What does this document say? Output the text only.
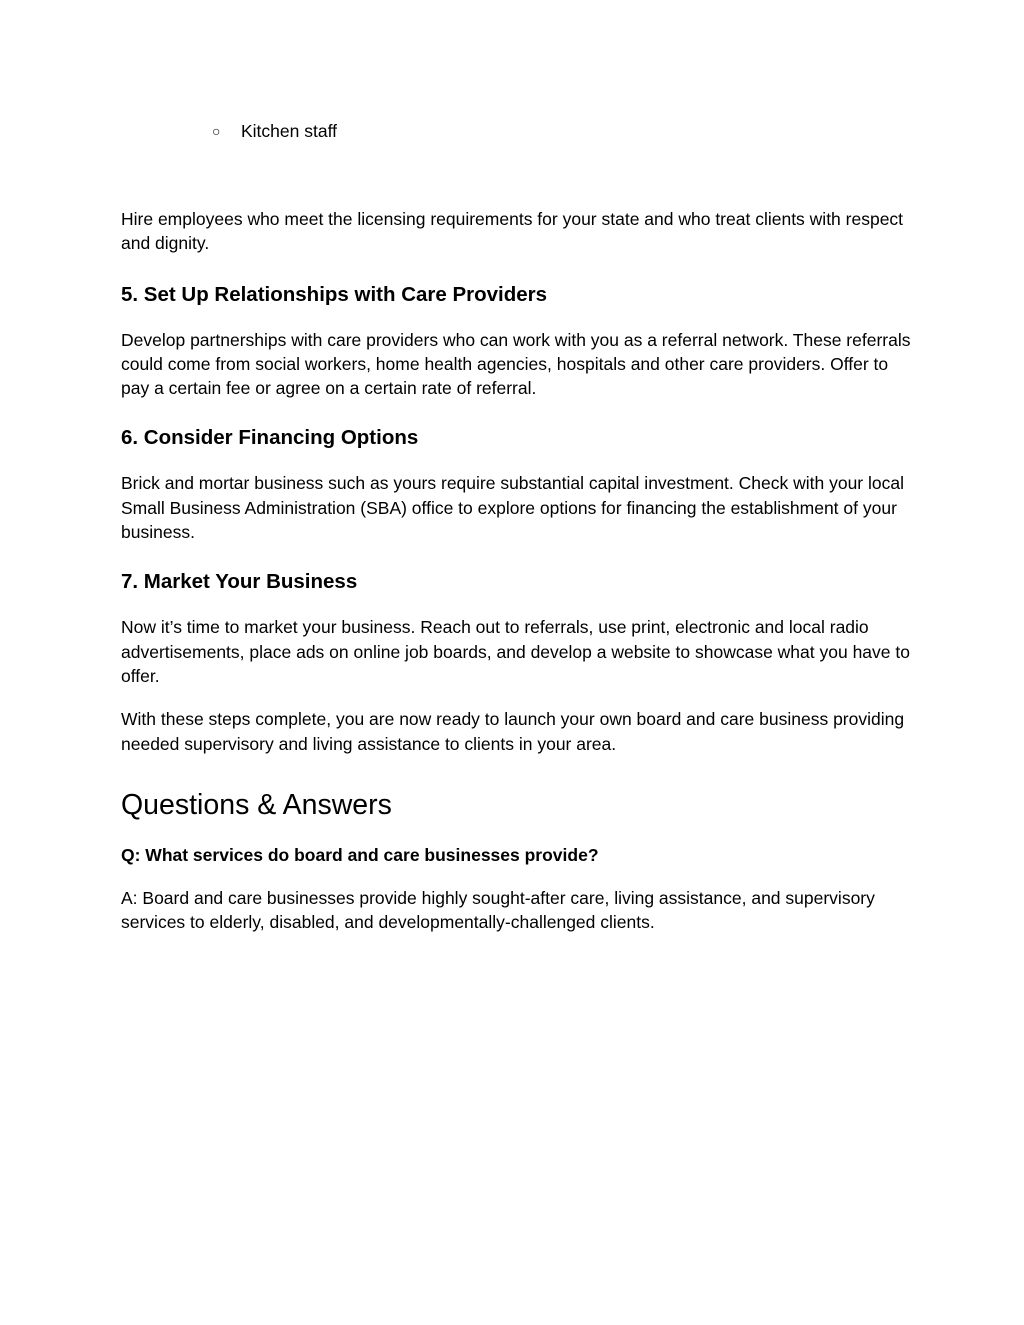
○	Kitchen staff

Hire employees who meet the licensing requirements for your state and who treat clients with respect and dignity.

5. Set Up Relationships with Care Providers

Develop partnerships with care providers who can work with you as a referral network. These referrals could come from social workers, home health agencies, hospitals and other care providers. Offer to pay a certain fee or agree on a certain rate of referral.

6. Consider Financing Options

Brick and mortar business such as yours require substantial capital investment. Check with your local Small Business Administration (SBA) office to explore options for financing the establishment of your business.

7. Market Your Business

Now it’s time to market your business. Reach out to referrals, use print, electronic and local radio advertisements, place ads on online job boards, and develop a website to showcase what you have to offer.

With these steps complete, you are now ready to launch your own board and care business providing needed supervisory and living assistance to clients in your area.

Questions & Answers
Q: What services do board and care businesses provide?

A: Board and care businesses provide highly sought-after care, living assistance, and supervisory services to elderly, disabled, and developmentally-challenged clients.
